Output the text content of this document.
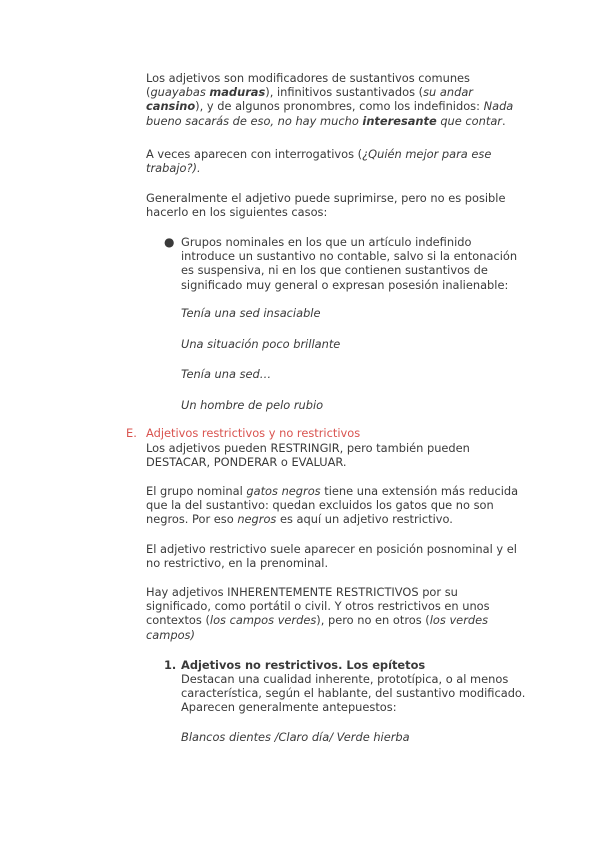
Los adjetivos son modificadores de sustantivos comunes (guayabas maduras), infinitivos sustantivados (su andar cansino), y de algunos pronombres, como los indefinidos: Nada bueno sacarás de eso, no hay mucho interesante que contar.

A veces aparecen con interrogativos (¿Quién mejor para ese trabajo?).

Generalmente el adjetivo puede suprimirse, pero no es posible hacerlo en los siguientes casos:

● Grupos nominales en los que un artículo indefinido introduce un sustantivo no contable, salvo si la entonación es suspensiva, ni en los que contienen sustantivos de significado muy general o expresan posesión inalienable:

Tenía una sed insaciable

Una situación poco brillante

Tenía una sed…

Un hombre de pelo rubio

E. Adjetivos restrictivos y no restrictivos

Los adjetivos pueden RESTRINGIR, pero también pueden DESTACAR, PONDERAR o EVALUAR.

El grupo nominal gatos negros tiene una extensión más reducida que la del sustantivo: quedan excluidos los gatos que no son negros. Por eso negros es aquí un adjetivo restrictivo.

El adjetivo restrictivo suele aparecer en posición posnominal y el no restrictivo, en la prenominal.

Hay adjetivos INHERENTEMENTE RESTRICTIVOS por su significado, como portátil o civil. Y otros restrictivos en unos contextos (los campos verdes), pero no en otros (los verdes campos)

1. Adjetivos no restrictivos. Los epítetos

Destacan una cualidad inherente, prototípica, o al menos característica, según el hablante, del sustantivo modificado. Aparecen generalmente antepuestos:

Blancos dientes /Claro día/ Verde hierba
